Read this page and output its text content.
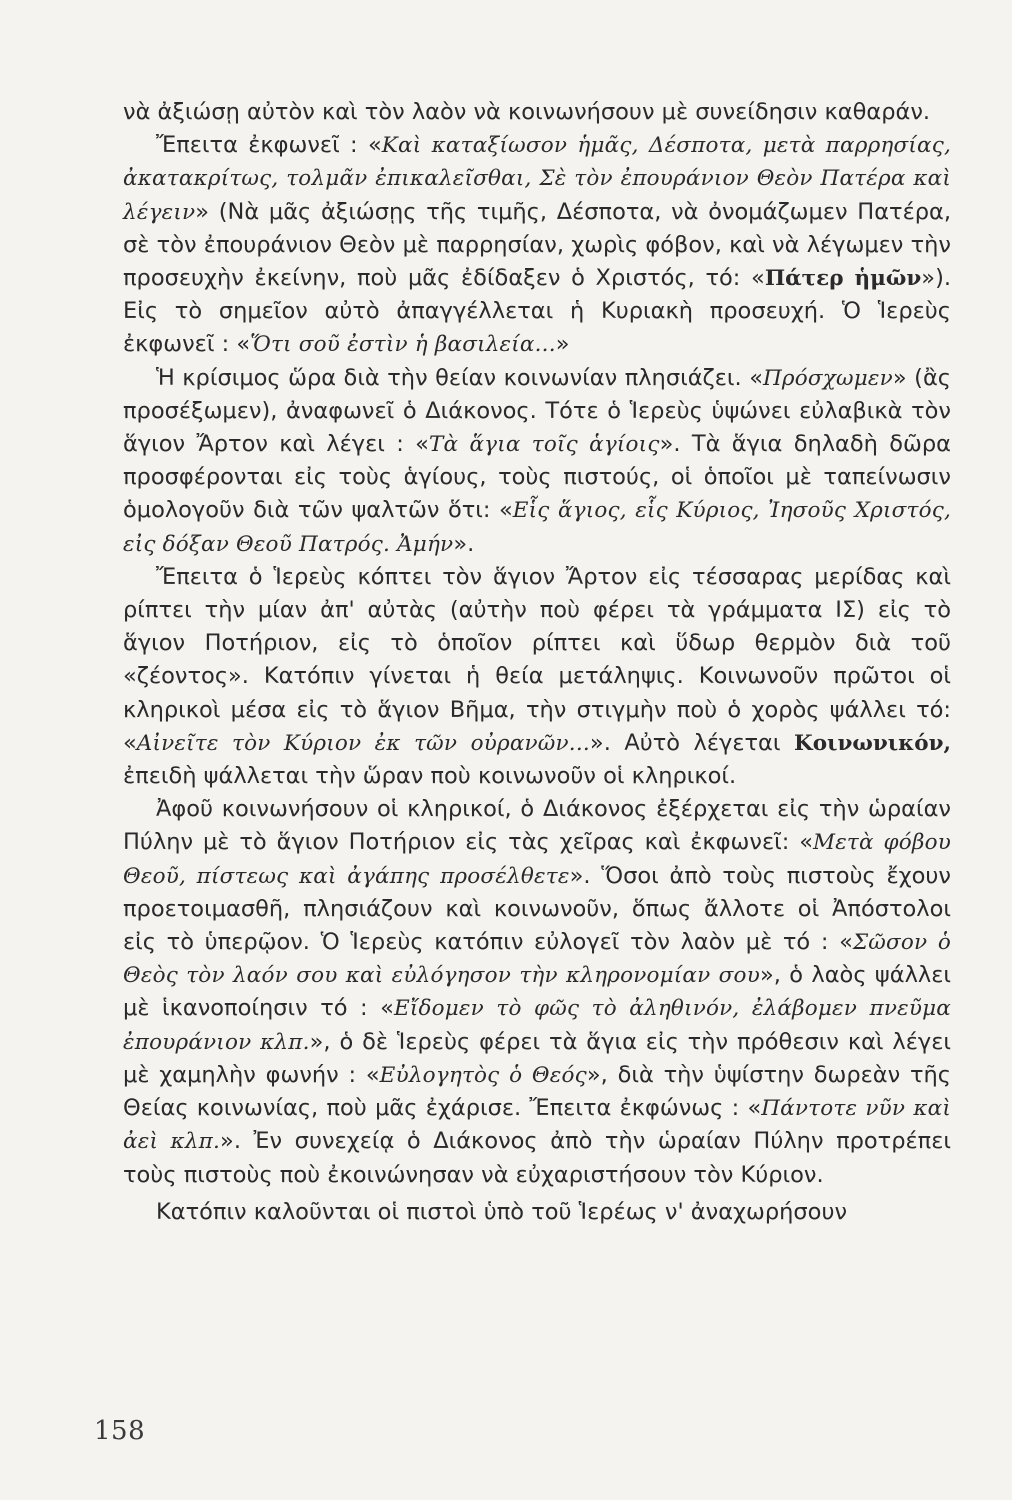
νὰ ἀξιώσῃ αὐτὸν καὶ τὸν λαὸν νὰ κοινωνήσουν μὲ συνείδησιν καθαράν.

Ἔπειτα ἐκφωνεῖ : «Καὶ καταξίωσον ἡμᾶς, Δέσποτα, μετὰ παρρησίας, ἀκατακρίτως, τολμᾶν ἐπικαλεῖσθαι, Σὲ τὸν ἐπουράνιον Θεὸν Πατέρα καὶ λέγειν» (Νὰ μᾶς ἀξιώσῃς τῆς τιμῆς, Δέσποτα, νὰ ὀνομάζωμεν Πατέρα, σὲ τὸν ἐπουράνιον Θεὸν μὲ παρρησίαν, χωρὶς φόβον, καὶ νὰ λέγωμεν τὴν προσευχὴν ἐκείνην, ποὺ μᾶς ἐδίδαξεν ὁ Χριστός, τό: «Πάτερ ἡμῶν»). Εἰς τὸ σημεῖον αὐτὸ ἀπαγγέλλεται ἡ Κυριακὴ προσευχή. Ὁ Ἱερεὺς ἐκφωνεῖ : «Ὅτι σοῦ ἐστὶν ἡ βασιλεία...»

Ἡ κρίσιμος ὥρα διὰ τὴν θείαν κοινωνίαν πλησιάζει. «Πρόσχωμεν» (ἂς προσέξωμεν), ἀναφωνεῖ ὁ Διάκονος. Τότε ὁ Ἱερεὺς ὑψώνει εὐλαβικὰ τὸν ἅγιον Ἄρτον καὶ λέγει : «Τὰ ἅγια τοῖς ἁγίοις». Τὰ ἅγια δηλαδὴ δῶρα προσφέρονται εἰς τοὺς ἁγίους, τοὺς πιστούς, οἱ ὁποῖοι μὲ ταπείνωσιν ὁμολογοῦν διὰ τῶν ψαλτῶν ὅτι: «Εἷς ἅγιος, εἷς Κύριος, Ἰησοῦς Χριστός, εἰς δόξαν Θεοῦ Πατρός. Ἀμήν».

Ἔπειτα ὁ Ἱερεὺς κόπτει τὸν ἅγιον Ἄρτον εἰς τέσσαρας μερίδας καὶ ρίπτει τὴν μίαν ἀπ' αὐτὰς (αὐτὴν ποὺ φέρει τὰ γράμματα ΙΣ) εἰς τὸ ἅγιον Ποτήριον, εἰς τὸ ὁποῖον ρίπτει καὶ ὕδωρ θερμὸν διὰ τοῦ «ζέοντος». Κατόπιν γίνεται ἡ θεία μετάληψις. Κοινωνοῦν πρῶτοι οἱ κληρικοὶ μέσα εἰς τὸ ἅγιον Βῆμα, τὴν στιγμὴν ποὺ ὁ χορὸς ψάλλει τό: «Αἰνεῖτε τὸν Κύριον ἐκ τῶν οὐρανῶν...». Αὐτὸ λέγεται Κοινωνικόν, ἐπειδὴ ψάλλεται τὴν ὥραν ποὺ κοινωνοῦν οἱ κληρικοί.

Ἀφοῦ κοινωνήσουν οἱ κληρικοί, ὁ Διάκονος ἐξέρχεται εἰς τὴν ὡραίαν Πύλην μὲ τὸ ἅγιον Ποτήριον εἰς τὰς χεῖρας καὶ ἐκφωνεῖ: «Μετὰ φόβου Θεοῦ, πίστεως καὶ ἀγάπης προσέλθετε». Ὅσοι ἀπὸ τοὺς πιστοὺς ἔχουν προετοιμασθῆ, πλησιάζουν καὶ κοινωνοῦν, ὅπως ἄλλοτε οἱ Ἀπόστολοι εἰς τὸ ὑπερῷον. Ὁ Ἱερεὺς κατόπιν εὐλογεῖ τὸν λαὸν μὲ τό : «Σῶσον ὁ Θεὸς τὸν λαόν σου καὶ εὐλόγησον τὴν κληρονομίαν σου», ὁ λαὸς ψάλλει μὲ ἱκανοποίησιν τό : «Εἴδομεν τὸ φῶς τὸ ἀληθινόν, ἐλάβομεν πνεῦμα ἐπουράνιον κλπ.», ὁ δὲ Ἱερεὺς φέρει τὰ ἅγια εἰς τὴν πρόθεσιν καὶ λέγει μὲ χαμηλὴν φωνήν : «Εὐλογητὸς ὁ Θεός», διὰ τὴν ὑψίστην δωρεὰν τῆς Θείας κοινωνίας, ποὺ μᾶς ἐχάρισε. Ἔπειτα ἐκφώνως : «Πάντοτε νῦν καὶ ἀεὶ κλπ.». Ἐν συνεχείᾳ ὁ Διάκονος ἀπὸ τὴν ὡραίαν Πύλην προτρέπει τοὺς πιστοὺς ποὺ ἐκοινώνησαν νὰ εὐχαριστήσουν τὸν Κύριον.

Κατόπιν καλοῦνται οἱ πιστοὶ ὑπὸ τοῦ Ἱερέως ν' ἀναχωρήσουν

158
